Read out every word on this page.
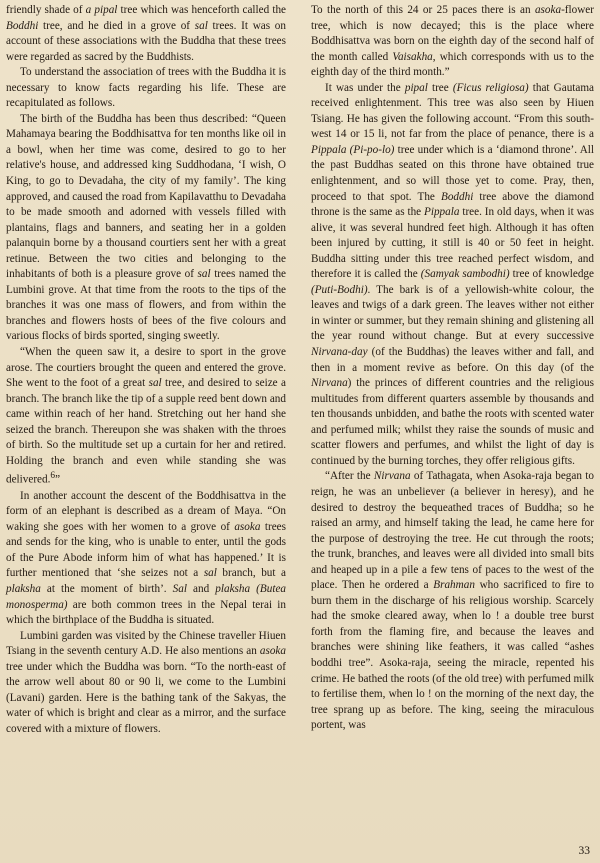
friendly shade of a pipal tree which was henceforth called the Boddhi tree, and he died in a grove of sal trees. It was on account of these associations with the Buddha that these trees were regarded as sacred by the Buddhists.

To understand the association of trees with the Buddha it is necessary to know facts regarding his life. These are recapitulated as follows.

The birth of the Buddha has been thus described: “Queen Mahamaya bearing the Boddhisattva for ten months like oil in a bowl, when her time was come, desired to go to her relative's house, and addressed king Suddhodana, ‘I wish, O King, to go to Devadaha, the city of my family’. The king approved, and caused the road from Kapilavatthu to Devadaha to be made smooth and adorned with vessels filled with plantains, flags and banners, and seating her in a golden palanquin borne by a thousand courtiers sent her with a great retinue. Between the two cities and belonging to the inhabitants of both is a pleasure grove of sal trees named the Lumbini grove. At that time from the roots to the tips of the branches it was one mass of flowers, and from within the branches and flowers hosts of bees of the five colours and various flocks of birds sported, singing sweetly.

“When the queen saw it, a desire to sport in the grove arose. The courtiers brought the queen and entered the grove. She went to the foot of a great sal tree, and desired to seize a branch. The branch like the tip of a supple reed bent down and came within reach of her hand. Stretching out her hand she seized the branch. Thereupon she was shaken with the throes of birth. So the multitude set up a curtain for her and retired. Holding the branch and even while standing she was delivered.$^6$”

In another account the descent of the Boddhisattva in the form of an elephant is described as a dream of Maya. “On waking she goes with her women to a grove of asoka trees and sends for the king, who is unable to enter, until the gods of the Pure Abode inform him of what has happened.’ It is further mentioned that ‘she seizes not a sal branch, but a plaksha at the moment of birth’. Sal and plaksha (Butea monosperma) are both common trees in the Nepal terai in which the birthplace of the Buddha is situated.

Lumbini garden was visited by the Chinese traveller Hiuen Tsiang in the seventh century A.D. He also mentions an asoka tree under which the Buddha was born. “To the north-east of the arrow well about 80 or 90 li, we come to the Lumbini (Lavani) garden. Here is the bathing tank of the Sakyas, the water of which is bright and clear as a mirror, and the surface covered with a mixture of flowers.

To the north of this 24 or 25 paces there is an asoka-flower tree, which is now decayed; this is the place where Boddhisattva was born on the eighth day of the second half of the month called Vaisakha, which corresponds with us to the eighth day of the third month.”

It was under the pipal tree (Ficus religiosa) that Gautama received enlightenment. This tree was also seen by Hiuen Tsiang. He has given the following account. “From this south-west 14 or 15 li, not far from the place of penance, there is a Pippala (Pi-po-lo) tree under which is a ‘diamond throne’. All the past Buddhas seated on this throne have obtained true enlightenment, and so will those yet to come. Pray, then, proceed to that spot. The Boddhi tree above the diamond throne is the same as the Pippala tree. In old days, when it was alive, it was several hundred feet high. Although it has often been injured by cutting, it still is 40 or 50 feet in height. Buddha sitting under this tree reached perfect wisdom, and therefore it is called the (Samyak sambodhi) tree of knowledge (Puti-Bodhi). The bark is of a yellowish-white colour, the leaves and twigs of a dark green. The leaves wither not either in winter or summer, but they remain shining and glistening all the year round without change. But at every successive Nirvana-day (of the Buddhas) the leaves wither and fall, and then in a moment revive as before. On this day (of the Nirvana) the princes of different countries and the religious multitudes from different quarters assemble by thousands and ten thousands unbidden, and bathe the roots with scented water and perfumed milk; whilst they raise the sounds of music and scatter flowers and perfumes, and whilst the light of day is continued by the burning torches, they offer religious gifts.

“After the Nirvana of Tathagata, when Asoka-raja began to reign, he was an unbeliever (a believer in heresy), and he desired to destroy the bequeathed traces of Buddha; so he raised an army, and himself taking the lead, he came here for the purpose of destroying the tree. He cut through the roots; the trunk, branches, and leaves were all divided into small bits and heaped up in a pile a few tens of paces to the west of the place. Then he ordered a Brahman who sacrificed to fire to burn them in the discharge of his religious worship. Scarcely had the smoke cleared away, when lo ! a double tree burst forth from the flaming fire, and because the leaves and branches were shining like feathers, it was called “ashes boddhi tree”. Asoka-raja, seeing the miracle, repented his crime. He bathed the roots (of the old tree) with perfumed milk to fertilise them, when lo ! on the morning of the next day, the tree sprang up as before. The king, seeing the miraculous portent, was

33
